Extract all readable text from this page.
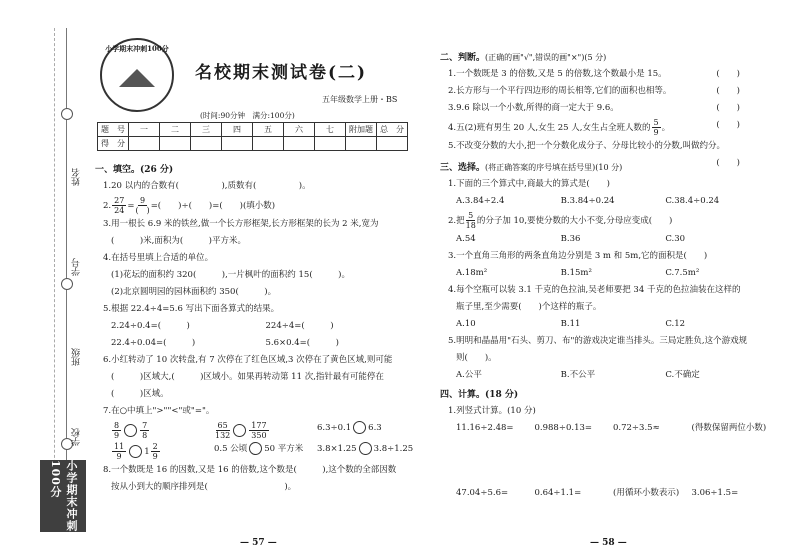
姓名
学号
班级
学校
小学期末冲刺100分
小学期末冲刺100分
名校期末测试卷(二)
五年级数学上册・BS
(时间:90分钟　满分:100分)
题　号	一	二	三	四	五	六	七	附加题	总　分
得　分									
一、填空。(26 分)
1.20 以内的合数有(　　　　　),质数有(　　　　　)。
2. $\frac{27}{24} = \frac{9}{( )}$ =(　　)÷(　　)=(　　)(填小数)
3.用一根长 6.9 米的铁丝,做一个长方形框架,长方形框架的长为 2 米,宽为
(　　　)米,面积为(　　　)平方米。
4.在括号里填上合适的单位。
(1)花坛的面积约 320(　　　),一片枫叶的面积约 15(　　　)。
(2)北京圆明园的园林面积约 350(　　　)。
5.根据 22.4÷4=5.6 写出下面各算式的结果。
2.24÷0.4=(　　　)	224÷4=(　　　)
22.4÷0.04=(　　　)	5.6×0.4=(　　　)
6.小红转动了 10 次转盘,有 7 次停在了红色区域,3 次停在了黄色区域,则可能
(　　　)区域大,(　　　)区域小。如果再转动第 11 次,指针最有可能停在
(　　　)区域。
7.在○中填上">""<"或"="。
$\frac{8}{9} \frac{7}{8}$	$\frac{65}{132} \frac{177}{350}$	6.3÷0.1 6.3
$\frac{11}{9} 1 \frac{2}{9}$	0.5 公顷 50 平方米	3.8×1.25 3.8÷1.25
8.一个数既是 16 的因数,又是 16 的倍数,这个数是(　　　),这个数的全部因数
按从小到大的顺序排列是(　　　　　　　　　)。
二、判断。(正确的画"√",错误的画"×")(5 分)
1.一个数既是 3 的倍数,又是 5 的倍数,这个数最小是 15。	(　　)
2.长方形与一个平行四边形的周长相等,它们的面积也相等。	(　　)
3.9.6 除以一个小数,所得的商一定大于 9.6。	(　　)
4.五(2)班有男生 20 人,女生 25 人,女生占全班人数的 $\frac{5}{9}$ 。	(　　)
5.不改变分数的大小,把一个分数化成分子、分母比较小的分数,叫做约分。
(　　)
三、选择。(将正确答案的序号填在括号里)(10 分)
1.下面的三个算式中,商最大的算式是(　　)
A.3.84÷2.4	B.3.84÷0.24	C.38.4÷0.24
2.把 $\frac{5}{18}$ 的分子加 10,要使分数的大小不变,分母应变成(　　)
A.54	B.36	C.30
3.一个直角三角形的两条直角边分别是 3 m 和 5m,它的面积是(　　)
A.18m²	B.15m²	C.7.5m²
4.每个空瓶可以装 3.1 千克的色拉油,吴老师要把 34 千克的色拉油装在这样的
瓶子里,至少需要(　　)个这样的瓶子。
A.10	B.11	C.12
5.明明和晶晶用"石头、剪刀、布"的游戏决定谁当排头。三局定胜负,这个游戏规
则(　　)。
A.公平	B.不公平	C.不确定
四、计算。(18 分)
1.列竖式计算。(10 分)
11.16÷2.48=	0.988÷0.13=	0.72÷3.5≈	(得数保留两位小数)
47.04÷5.6=	0.64÷1.1=	(用循环小数表示)	3.06÷1.5=
— 57 —	— 58 —
